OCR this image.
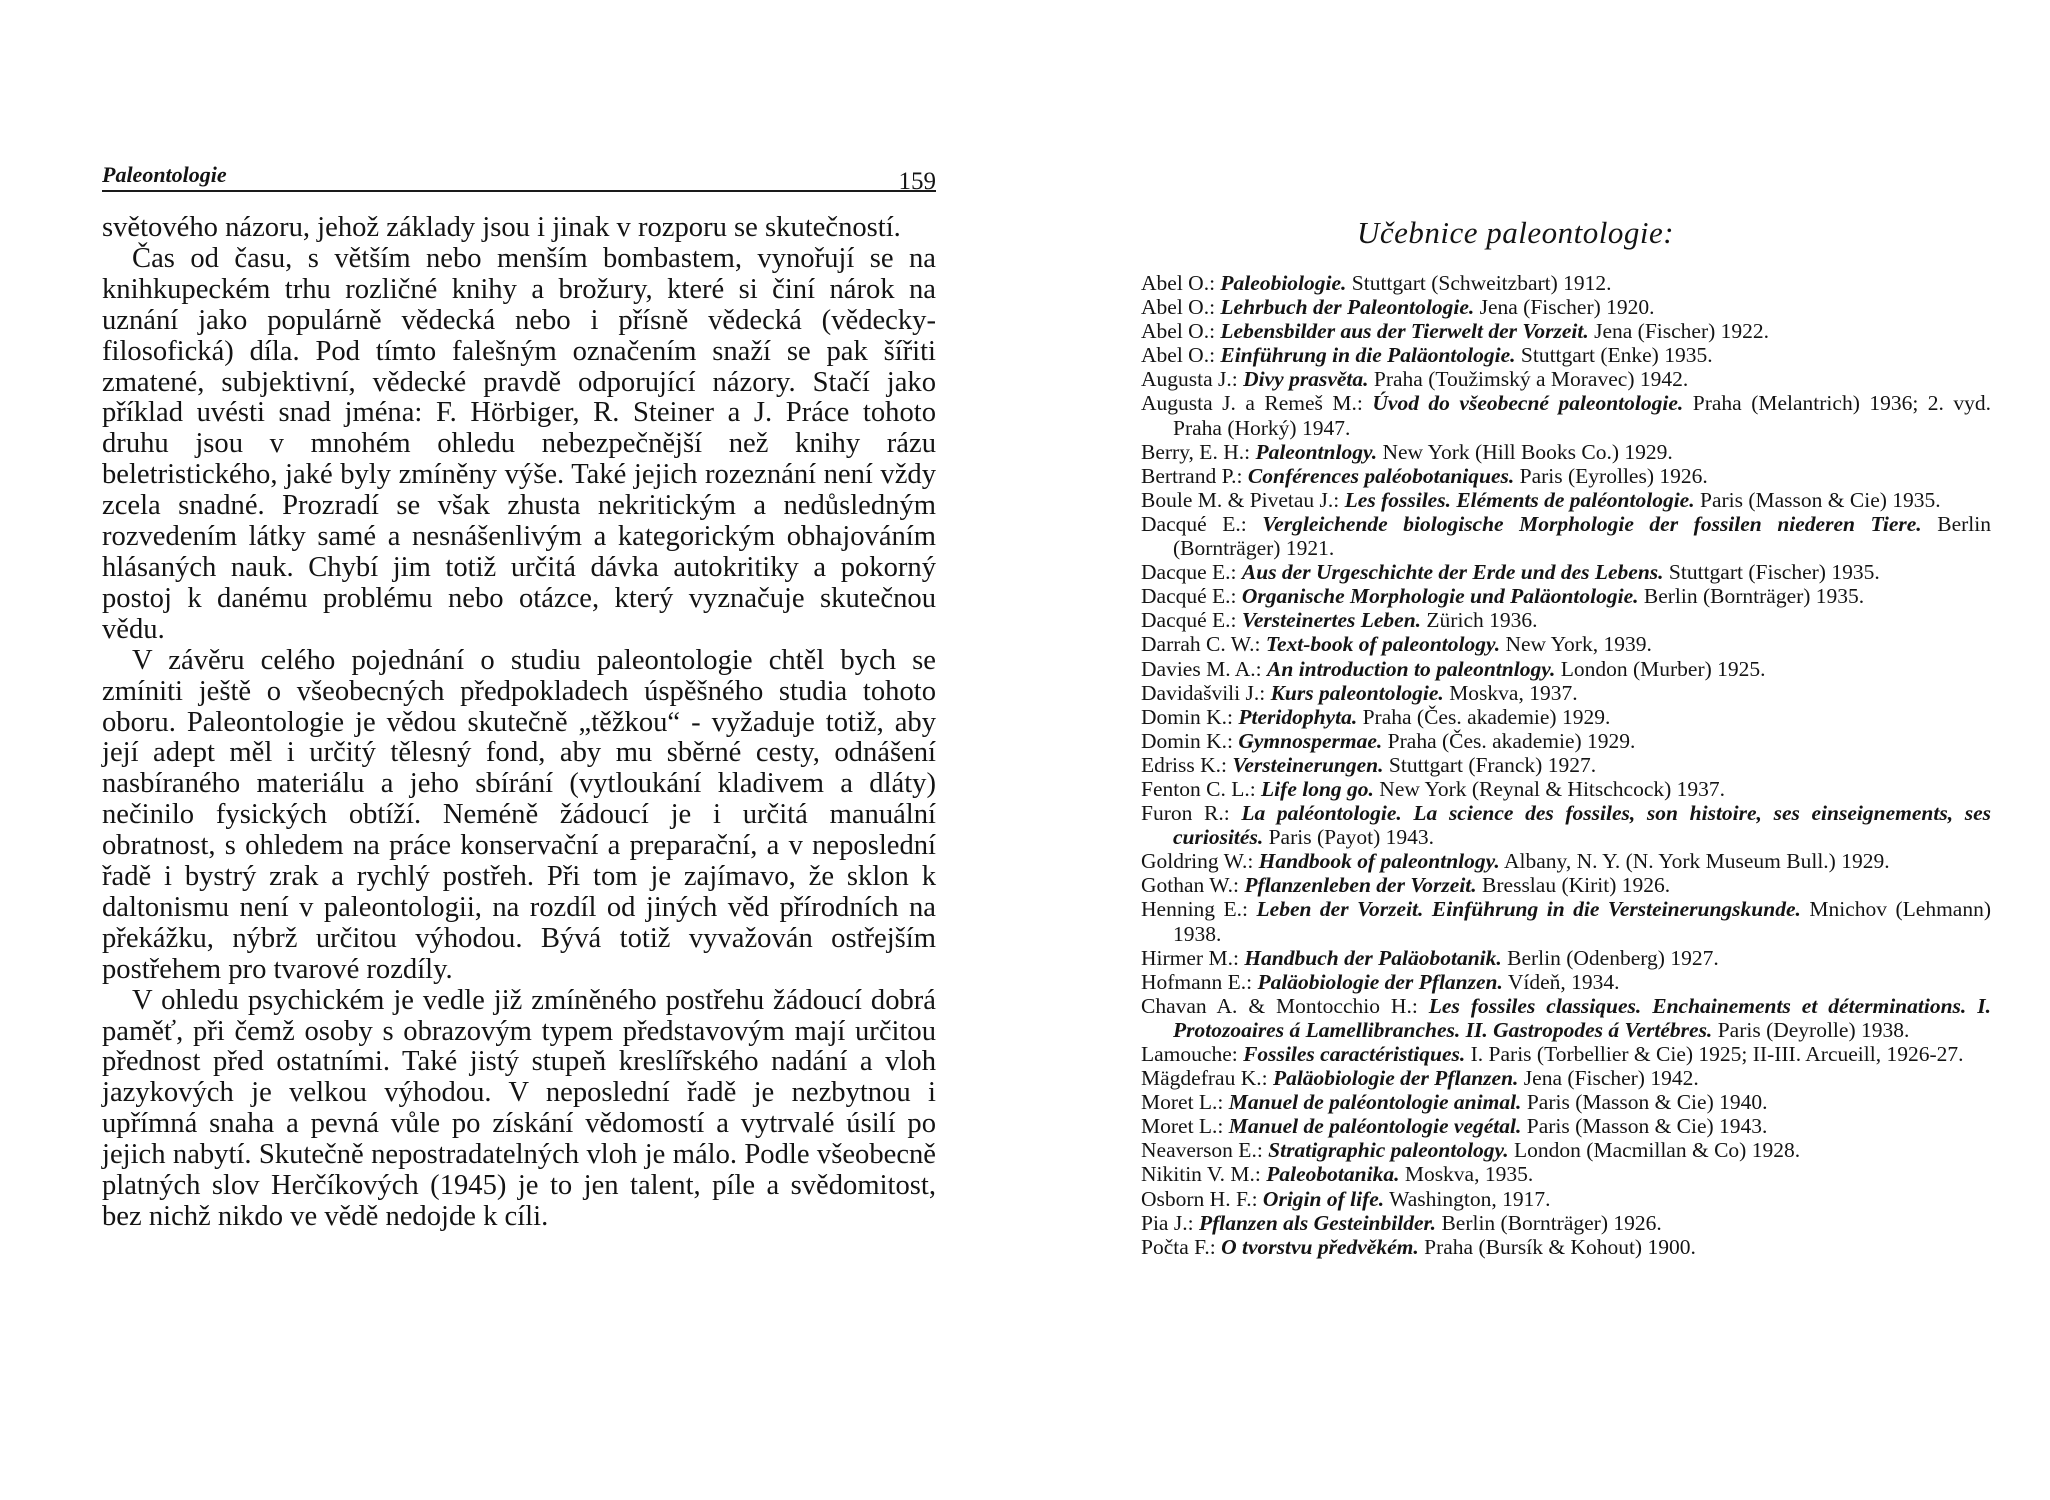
Paleontologie	159

světového názoru, jehož základy jsou i jinak v rozporu se skutečností.

Čas od času, s větším nebo menším bombastem, vynořují se na knihkupeckém trhu rozličné knihy a brožury, které si činí nárok na uznání jako populárně vědecká nebo i přísně vědecká (vědecky-filosofická) díla. Pod tímto falešným označením snaží se pak šířiti zmatené, subjektivní, vědecké pravdě odporující názory. Stačí jako příklad uvésti snad jména: F. Hörbiger, R. Steiner a J. Práce tohoto druhu jsou v mnohém ohledu nebezpečnější než knihy rázu beletristického, jaké byly zmíněny výše. Také jejich rozeznání není vždy zcela snadné. Prozradí se však zhusta nekritickým a nedůsledným rozvedením látky samé a nesnášenlivým a kategorickým obhajováním hlásaných nauk. Chybí jim totiž určitá dávka autokritiky a pokorný postoj k danému problému nebo otázce, který vyznačuje skutečnou vědu.

V závěru celého pojednání o studiu paleontologie chtěl bych se zmíniti ještě o všeobecných předpokladech úspěšného studia tohoto oboru. Paleontologie je vědou skutečně „těžkou“ - vyžaduje totiž, aby její adept měl i určitý tělesný fond, aby mu sběrné cesty, odnášení nasbíraného materiálu a jeho sbírání (vytloukání kladivem a dláty) nečinilo fysických obtíží. Neméně žádoucí je i určitá manuální obratnost, s ohledem na práce konservační a preparační, a v neposlední řadě i bystrý zrak a rychlý postřeh. Při tom je zajímavo, že sklon k daltonismu není v paleontologii, na rozdíl od jiných věd přírodních na překážku, nýbrž určitou výhodou. Bývá totiž vyvažován ostřejším postřehem pro tvarové rozdíly.

V ohledu psychickém je vedle již zmíněného postřehu žádoucí dobrá paměť, při čemž osoby s obrazovým typem představovým mají určitou přednost před ostatními. Také jistý stupeň kreslířského nadání a vloh jazykových je velkou výhodou. V neposlední řadě je nezbytnou i upřímná snaha a pevná vůle po získání vědomostí a vytrvalé úsilí po jejich nabytí. Skutečně nepostradatelných vloh je málo. Podle všeobecně platných slov Herčíkových (1945) je to jen talent, píle a svědomitost, bez nichž nikdo ve vědě nedojde k cíli.

Učebnice paleontologie:
Abel O.: Paleobiologie. Stuttgart (Schweitzbart) 1912.
Abel O.: Lehrbuch der Paleontologie. Jena (Fischer) 1920.
Abel O.: Lebensbilder aus der Tierwelt der Vorzeit. Jena (Fischer) 1922.
Abel O.: Einführung in die Paläontologie. Stuttgart (Enke) 1935.
Augusta J.: Divy prasvěta. Praha (Toužimský a Moravec) 1942.
Augusta J. a Remeš M.: Úvod do všeobecné paleontologie. Praha (Melantrich) 1936; 2. vyd. Praha (Horký) 1947.
Berry, E. H.: Paleontnlogy. New York (Hill Books Co.) 1929.
Bertrand P.: Conférences paléobotaniques. Paris (Eyrolles) 1926.
Boule M. & Pivetau J.: Les fossiles. Eléments de paléontologie. Paris (Masson & Cie) 1935.
Dacqué E.: Vergleichende biologische Morphologie der fossilen niederen Tiere. Berlin (Bornträger) 1921.
Dacque E.: Aus der Urgeschichte der Erde und des Lebens. Stuttgart (Fischer) 1935.
Dacqué E.: Organische Morphologie und Paläontologie. Berlin (Bornträger) 1935.
Dacqué E.: Versteinertes Leben. Zürich 1936.
Darrah C. W.: Text-book of paleontology. New York, 1939.
Davies M. A.: An introduction to paleontnlogy. London (Murber) 1925.
Davidašvili J.: Kurs paleontologie. Moskva, 1937.
Domin K.: Pteridophyta. Praha (Čes. akademie) 1929.
Domin K.: Gymnospermae. Praha (Čes. akademie) 1929.
Edriss K.: Versteinerungen. Stuttgart (Franck) 1927.
Fenton C. L.: Life long go. New York (Reynal & Hitschcock) 1937.
Furon R.: La paléontologie. La science des fossiles, son histoire, ses einseignements, ses curiosités. Paris (Payot) 1943.
Goldring W.: Handbook of paleontnlogy. Albany, N. Y. (N. York Museum Bull.) 1929.
Gothan W.: Pflanzenleben der Vorzeit. Bresslau (Kirit) 1926.
Henning E.: Leben der Vorzeit. Einführung in die Versteinerungskunde. Mnichov (Lehmann) 1938.
Hirmer M.: Handbuch der Paläobotanik. Berlin (Odenberg) 1927.
Hofmann E.: Paläobiologie der Pflanzen. Vídeň, 1934.
Chavan A. & Montocchio H.: Les fossiles classiques. Enchainements et déterminations. I. Protozoaires á Lamellibranches. II. Gastropodes á Vertébres. Paris (Deyrolle) 1938.
Lamouche: Fossiles caractéristiques. I. Paris (Torbellier & Cie) 1925; II-III. Arcueill, 1926-27.
Mägdefrau K.: Paläobiologie der Pflanzen. Jena (Fischer) 1942.
Moret L.: Manuel de paléontologie animal. Paris (Masson & Cie) 1940.
Moret L.: Manuel de paléontologie vegétal. Paris (Masson & Cie) 1943.
Neaverson E.: Stratigraphic paleontology. London (Macmillan & Co) 1928.
Nikitin V. M.: Paleobotanika. Moskva, 1935.
Osborn H. F.: Origin of life. Washington, 1917.
Pia J.: Pflanzen als Gesteinbilder. Berlin (Bornträger) 1926.
Počta F.: O tvorstvu předvěkém. Praha (Bursík & Kohout) 1900.
